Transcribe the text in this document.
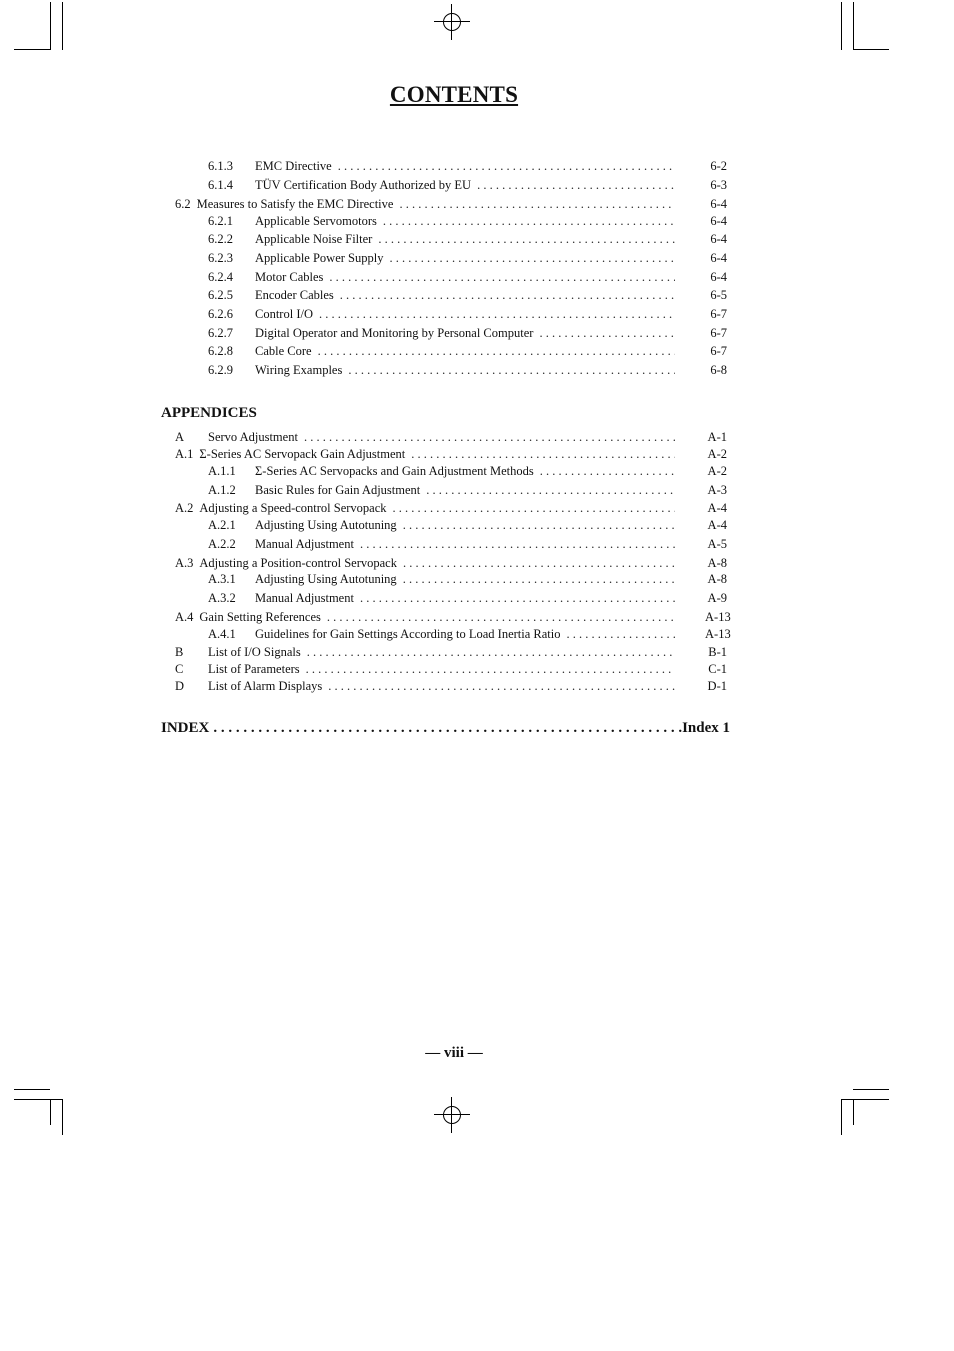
CONTENTS
6.1.3	EMC Directive . . .	6-2
6.1.4	TÜV Certification Body Authorized by EU . . .	6-3
6.2 Measures to Satisfy the EMC Directive . . .	6-4
6.2.1	Applicable Servomotors . . .	6-4
6.2.2	Applicable Noise Filter . . .	6-4
6.2.3	Applicable Power Supply . . .	6-4
6.2.4	Motor Cables . . .	6-4
6.2.5	Encoder Cables . . .	6-5
6.2.6	Control I/O . . .	6-7
6.2.7	Digital Operator and Monitoring by Personal Computer . . .	6-7
6.2.8	Cable Core . . .	6-7
6.2.9	Wiring Examples . . .	6-8
APPENDICES
A	Servo Adjustment . . .	A-1
A.1 Σ-Series AC Servopack Gain Adjustment . . .	A-2
A.1.1	Σ-Series AC Servopacks and Gain Adjustment Methods . . .	A-2
A.1.2	Basic Rules for Gain Adjustment . . .	A-3
A.2 Adjusting a Speed-control Servopack . . .	A-4
A.2.1	Adjusting Using Autotuning . . .	A-4
A.2.2	Manual Adjustment . . .	A-5
A.3 Adjusting a Position-control Servopack . . .	A-8
A.3.1	Adjusting Using Autotuning . . .	A-8
A.3.2	Manual Adjustment . . .	A-9
A.4 Gain Setting References . . .	A-13
A.4.1	Guidelines for Gain Settings According to Load Inertia Ratio . . .	A-13
B	List of I/O Signals . . .	B-1
C	List of Parameters . . .	C-1
D	List of Alarm Displays . . .	D-1
INDEX . . .	Index 1
— viii —
